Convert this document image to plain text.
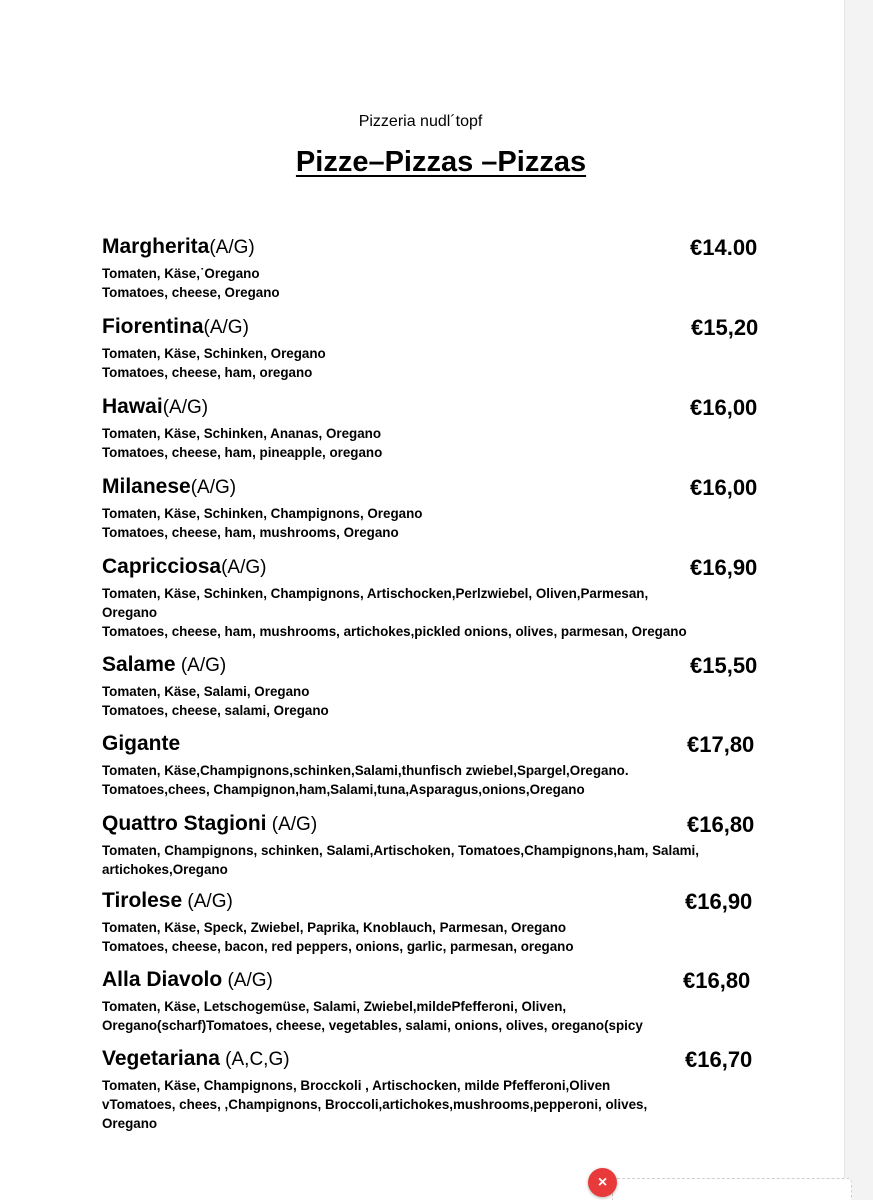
Pizzeria nudl´topf
Pizze–Pizzas –Pizzas
Margherita(A/G)	€14.00
Tomaten, Käse,˙Oregano
Tomatoes, cheese, Oregano
Fiorentina(A/G)	€15,20
Tomaten, Käse, Schinken, Oregano
Tomatoes, cheese, ham, oregano
Hawai(A/G)	€16,00
Tomaten, Käse, Schinken, Ananas, Oregano
Tomatoes, cheese, ham, pineapple, oregano
Milanese(A/G)	€16,00
Tomaten, Käse, Schinken, Champignons, Oregano
Tomatoes, cheese, ham, mushrooms, Oregano
Capricciosa(A/G)	€16,90
Tomaten, Käse, Schinken, Champignons, Artischocken,Perlzwiebel, Oliven,Parmesan,
Oregano
Tomatoes, cheese, ham, mushrooms, artichokes,pickled onions, olives, parmesan, Oregano
Salame (A/G)	€15,50
Tomaten, Käse, Salami, Oregano
Tomatoes, cheese, salami, Oregano
Gigante	€17,80
Tomaten, Käse,Champignons,schinken,Salami,thunfisch zwiebel,Spargel,Oregano.
Tomatoes,chees, Champignon,ham,Salami,tuna,Asparagus,onions,Oregano
Quattro Stagioni (A/G)	€16,80
Tomaten, Champignons, schinken, Salami,Artischoken, Tomatoes,Champignons,ham, Salami,
artichokes,Oregano
Tirolese (A/G)	€16,90
Tomaten, Käse, Speck, Zwiebel, Paprika, Knoblauch, Parmesan, Oregano
Tomatoes, cheese, bacon, red peppers, onions, garlic, parmesan, oregano
Alla Diavolo (A/G)	€16,80
Tomaten, Käse, Letschogemüse, Salami, Zwiebel,mildePfefferoni, Oliven,
Oregano(scharf)Tomatoes, cheese, vegetables, salami, onions, olives, oregano(spicy
Vegetariana (A,C,G)	€16,70
Tomaten, Käse, Champignons, Brocckoli , Artischocken, milde Pfefferoni,Oliven
vTomatoes, chees, ,Champignons, Broccoli,artichokes,mushrooms,pepperoni, olives,
Oregano
×
